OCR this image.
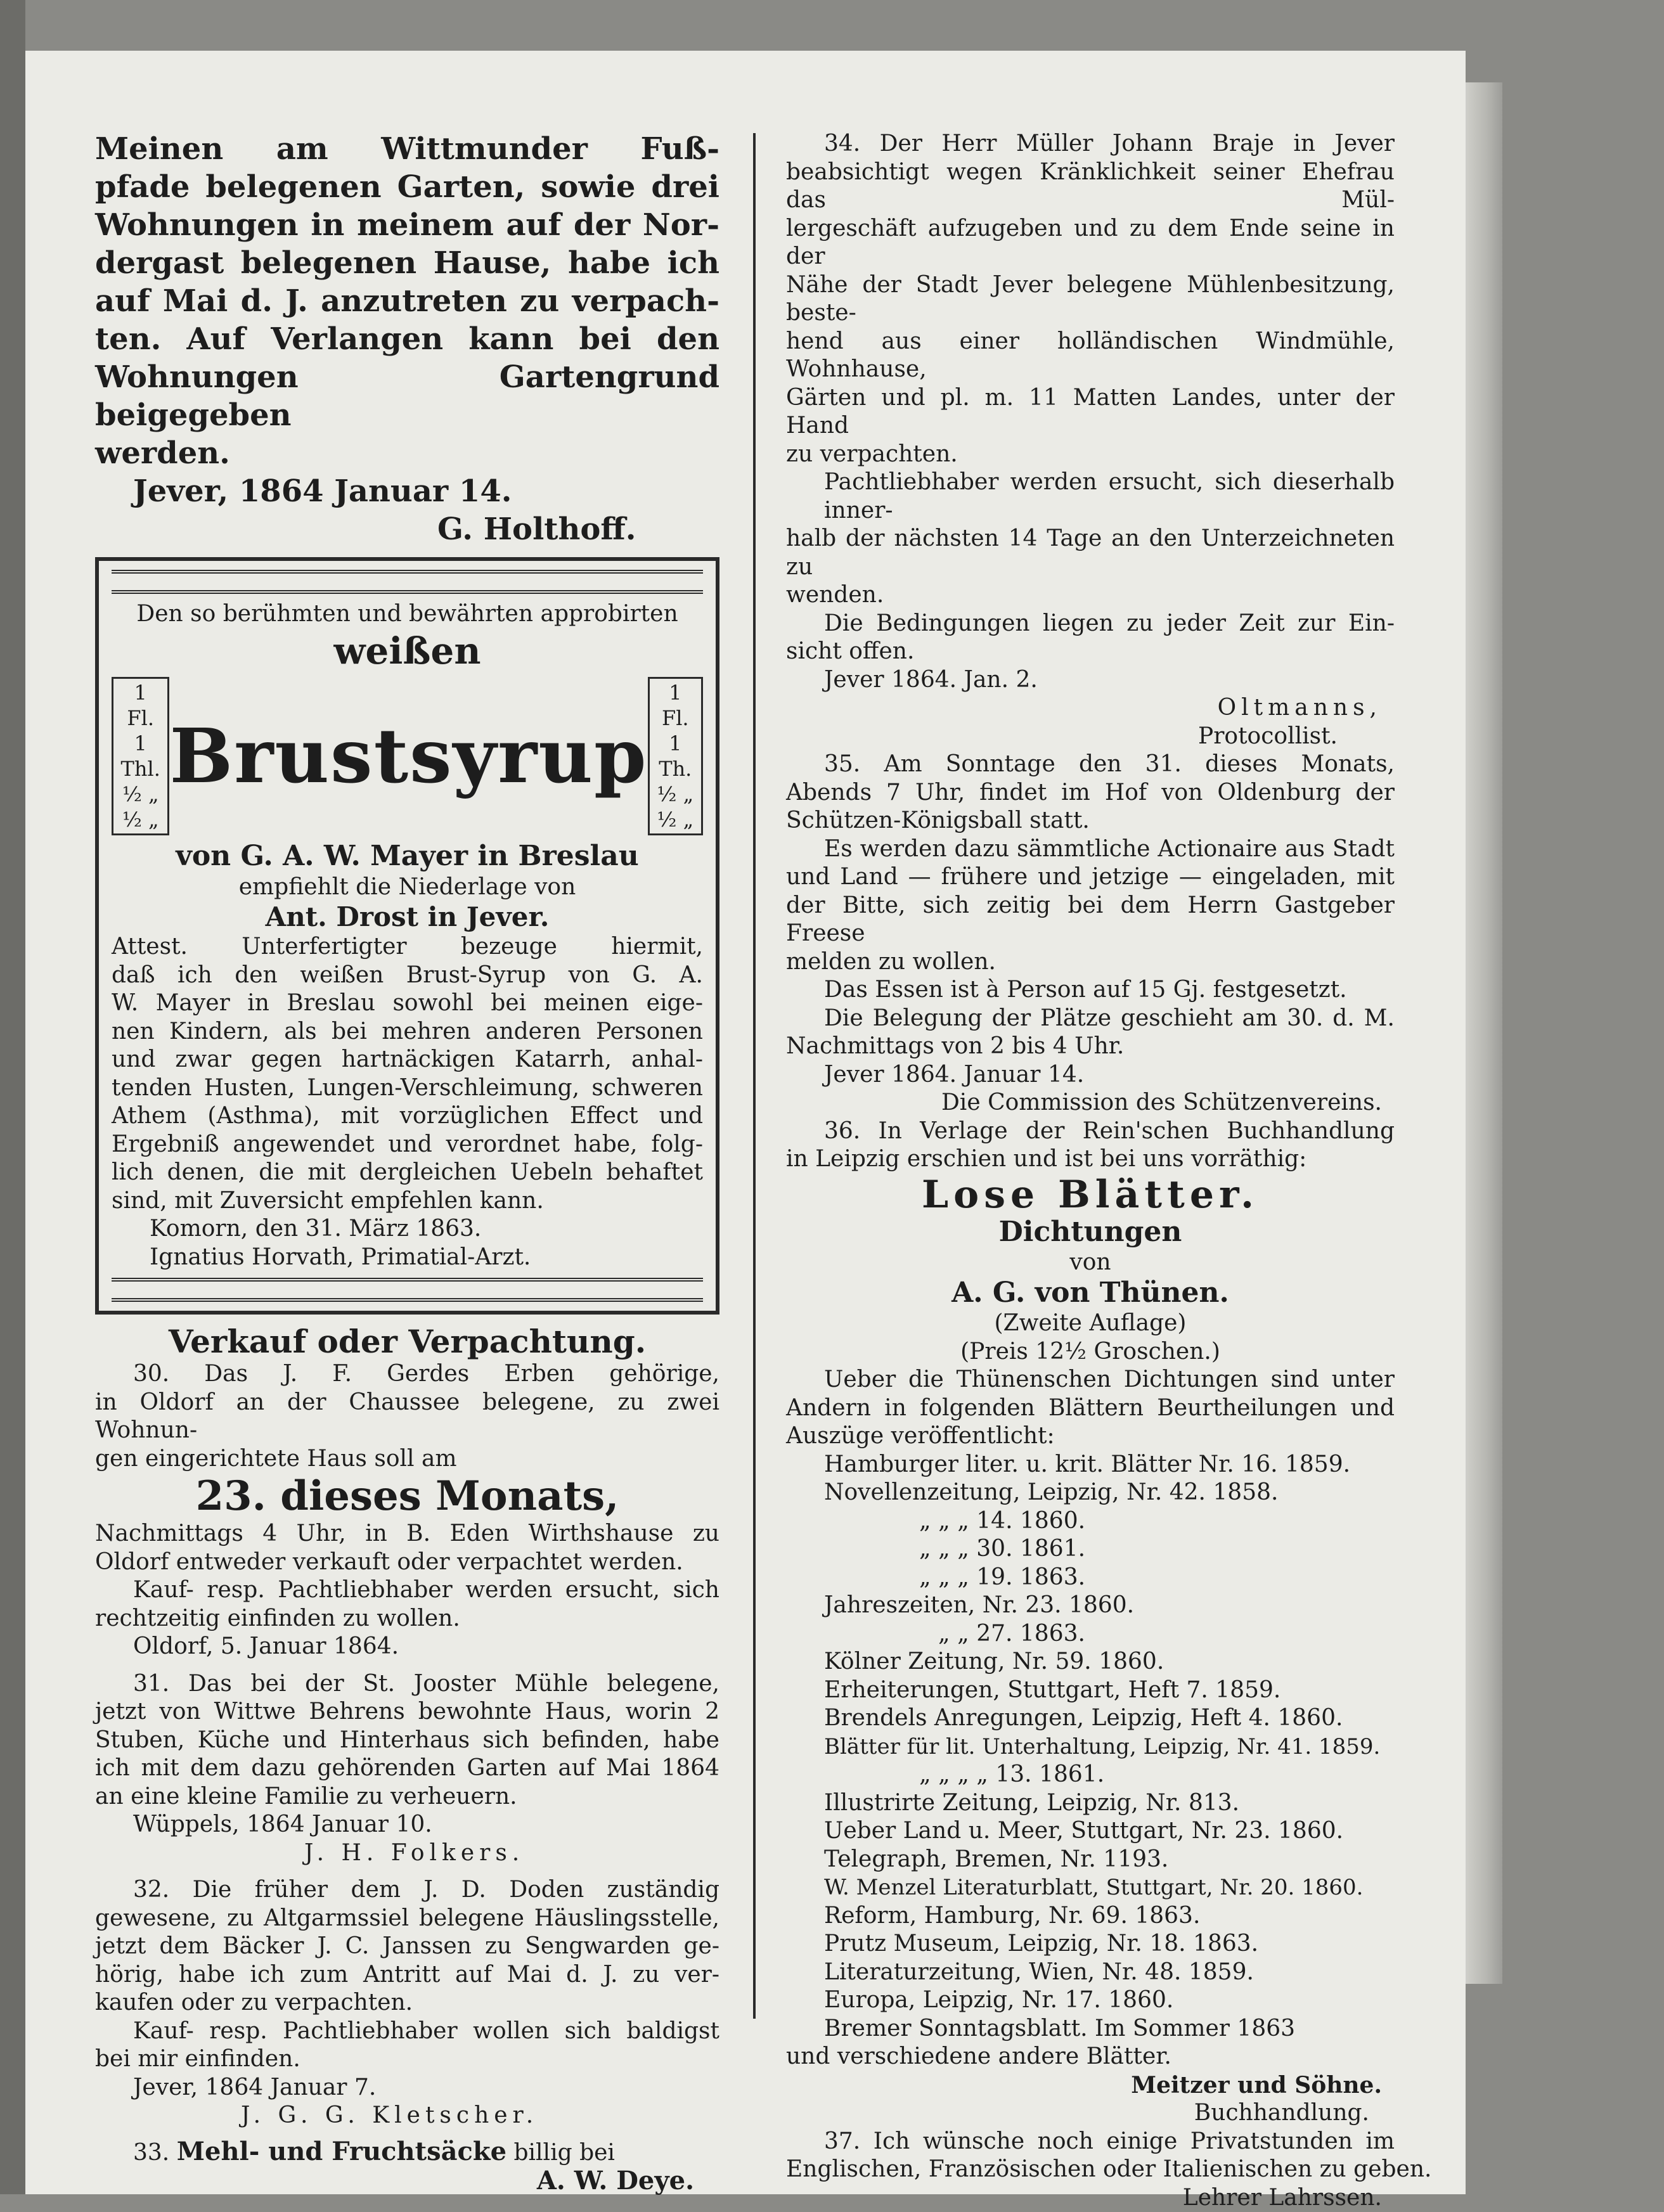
Meinen am Wittmunder Fuß-
pfade belegenen Garten, sowie drei
Wohnungen in meinem auf der Nor-
dergast belegenen Hause, habe ich
auf Mai d. J. anzutreten zu verpach-
ten. Auf Verlangen kann bei den
Wohnungen Gartengrund beigegeben
werden.
Jever, 1864 Januar 14.
G. Holthoff.
Den so berühmten und bewährten approbirten
weißen
1 Fl. 1 Thl.
½ „ ½ „
Brustsyrup
1 Fl. 1 Th.
½ „ ½ „
von G. A. W. Mayer in Breslau
empfiehlt die Niederlage von
Ant. Drost in Jever.
Attest. Unterfertigter bezeuge hiermit,
daß ich den weißen Brust-Syrup von G. A.
W. Mayer in Breslau sowohl bei meinen eige-
nen Kindern, als bei mehren anderen Personen
und zwar gegen hartnäckigen Katarrh, anhal-
tenden Husten, Lungen-Verschleimung, schweren
Athem (Asthma), mit vorzüglichen Effect und
Ergebniß angewendet und verordnet habe, folg-
lich denen, die mit dergleichen Uebeln behaftet
sind, mit Zuversicht empfehlen kann.
Komorn, den 31. März 1863.
Ignatius Horvath, Primatial-Arzt.
Verkauf oder Verpachtung.
30. Das J. F. Gerdes Erben gehörige,
in Oldorf an der Chaussee belegene, zu zwei Wohnun-
gen eingerichtete Haus soll am
23. dieses Monats,
Nachmittags 4 Uhr, in B. Eden Wirthshause zu
Oldorf entweder verkauft oder verpachtet werden.
Kauf- resp. Pachtliebhaber werden ersucht, sich
rechtzeitig einfinden zu wollen.
Oldorf, 5. Januar 1864.
31. Das bei der St. Jooster Mühle belegene,
jetzt von Wittwe Behrens bewohnte Haus, worin 2
Stuben, Küche und Hinterhaus sich befinden, habe
ich mit dem dazu gehörenden Garten auf Mai 1864
an eine kleine Familie zu verheuern.
Wüppels, 1864 Januar 10.
J. H. Folkers.
32. Die früher dem J. D. Doden zuständig
gewesene, zu Altgarmssiel belegene Häuslingsstelle,
jetzt dem Bäcker J. C. Janssen zu Sengwarden ge-
hörig, habe ich zum Antritt auf Mai d. J. zu ver-
kaufen oder zu verpachten.
Kauf- resp. Pachtliebhaber wollen sich baldigst
bei mir einfinden.
Jever, 1864 Januar 7.
J. G. G. Kletscher.
33. Mehl- und Fruchtsäcke billig bei
A. W. Deye.
34. Der Herr Müller Johann Braje in Jever
beabsichtigt wegen Kränklichkeit seiner Ehefrau das Mül-
lergeschäft aufzugeben und zu dem Ende seine in der
Nähe der Stadt Jever belegene Mühlenbesitzung, beste-
hend aus einer holländischen Windmühle, Wohnhause,
Gärten und pl. m. 11 Matten Landes, unter der Hand
zu verpachten.
Pachtliebhaber werden ersucht, sich dieserhalb inner-
halb der nächsten 14 Tage an den Unterzeichneten zu
wenden.
Die Bedingungen liegen zu jeder Zeit zur Ein-
sicht offen.
Jever 1864. Jan. 2.
Oltmanns,
Protocollist.
35. Am Sonntage den 31. dieses Monats,
Abends 7 Uhr, findet im Hof von Oldenburg der
Schützen-Königsball statt.
Es werden dazu sämmtliche Actionaire aus Stadt
und Land — frühere und jetzige — eingeladen, mit
der Bitte, sich zeitig bei dem Herrn Gastgeber Freese
melden zu wollen.
Das Essen ist à Person auf 15 Gj. festgesetzt.
Die Belegung der Plätze geschieht am 30. d. M.
Nachmittags von 2 bis 4 Uhr.
Jever 1864. Januar 14.
Die Commission des Schützenvereins.
36. In Verlage der Rein'schen Buchhandlung
in Leipzig erschien und ist bei uns vorräthig:
Lose Blätter.
Dichtungen
von
A. G. von Thünen.
(Zweite Auflage)
(Preis 12½ Groschen.)
Ueber die Thünenschen Dichtungen sind unter
Andern in folgenden Blättern Beurtheilungen und
Auszüge veröffentlicht:
Hamburger liter. u. krit. Blätter Nr. 16. 1859.
Novellenzeitung, Leipzig, Nr. 42. 1858.
„ „ „ 14. 1860.
„ „ „ 30. 1861.
„ „ „ 19. 1863.
Jahreszeiten, Nr. 23. 1860.
„ „ 27. 1863.
Kölner Zeitung, Nr. 59. 1860.
Erheiterungen, Stuttgart, Heft 7. 1859.
Brendels Anregungen, Leipzig, Heft 4. 1860.
Blätter für lit. Unterhaltung, Leipzig, Nr. 41. 1859.
„ „ „ „ 13. 1861.
Illustrirte Zeitung, Leipzig, Nr. 813.
Ueber Land u. Meer, Stuttgart, Nr. 23. 1860.
Telegraph, Bremen, Nr. 1193.
W. Menzel Literaturblatt, Stuttgart, Nr. 20. 1860.
Reform, Hamburg, Nr. 69. 1863.
Prutz Museum, Leipzig, Nr. 18. 1863.
Literaturzeitung, Wien, Nr. 48. 1859.
Europa, Leipzig, Nr. 17. 1860.
Bremer Sonntagsblatt. Im Sommer 1863
und verschiedene andere Blätter.
Meitzer und Söhne.
Buchhandlung.
37. Ich wünsche noch einige Privatstunden im
Englischen, Französischen oder Italienischen zu geben.
Lehrer Lahrssen.
